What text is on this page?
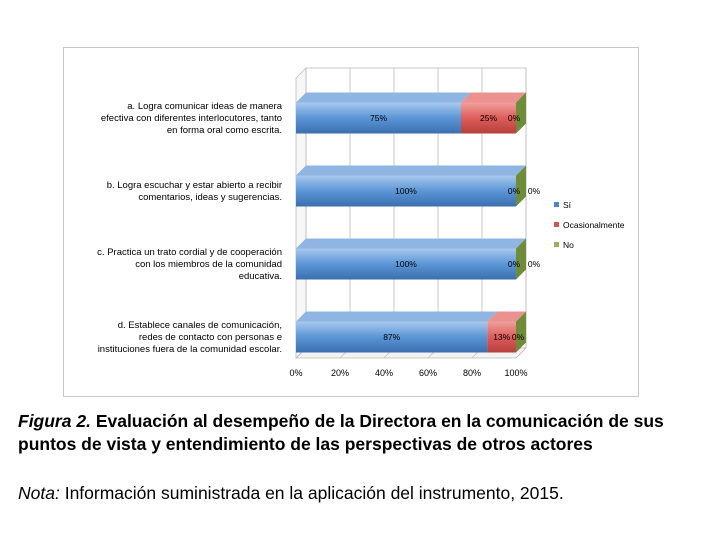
0%	20%	40%	60%	80%	100%
a. Logra comunicar ideas de manera
efectiva con diferentes interlocutores, tanto
en forma oral como escrita.
b. Logra escuchar y estar abierto a recibir
comentarios, ideas y sugerencias.
c. Practica un trato cordial y de cooperación
con los miembros de la comunidad
educativa.
d. Establece canales de comunicación,
redes de contacto con personas e
instituciones fuera de la comunidad escolar.
75%	25% 0%
100%	0% 0%
100%	0% 0%
87%	13% 0%
Sí
Ocasionalmente
No

Figura 2. Evaluación al desempeño de la Directora en la comunicación de sus puntos de vista y entendimiento de las perspectivas de otros actores

Nota: Información suministrada en la aplicación del instrumento, 2015.
